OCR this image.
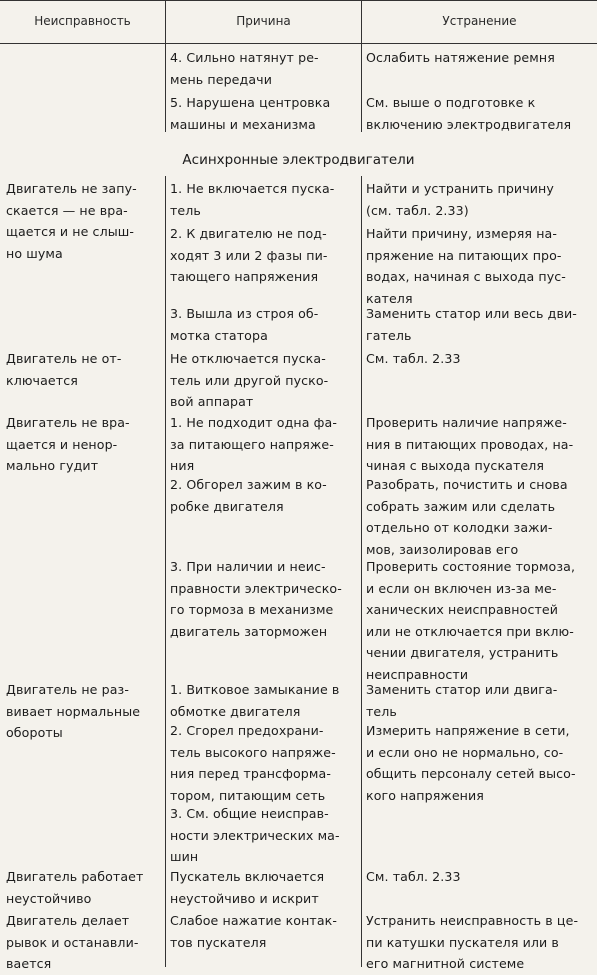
Неисправность	Причина	Устранение
4. Сильно натянут ре-
мень передачи
Ослабить натяжение ремня
5. Нарушена центровка
машины и механизма
См. выше о подготовке к
включению электродвигателя
Асинхронные электродвигатели
Двигатель не запу-
скается — не вра-
щается и не слыш-
но шума
Двигатель не от-
ключается
Двигатель не вра-
щается и ненор-
мально гудит
Двигатель не раз-
вивает нормальные
обороты
Двигатель работает
неустойчиво
Двигатель делает
рывок и останавли-
вается
1. Не включается пуска-
тель
2. К двигателю не под-
ходят 3 или 2 фазы пи-
тающего напряжения
3. Вышла из строя об-
мотка статора
Не отключается пуска-
тель или другой пуско-
вой аппарат
1. Не подходит одна фа-
за питающего напряже-
ния
2. Обгорел зажим в ко-
робке двигателя
3. При наличии и неис-
правности электрическо-
го тормоза в механизме
двигатель заторможен
1. Витковое замыкание в
обмотке двигателя
2. Сгорел предохрани-
тель высокого напряже-
ния перед трансформа-
тором, питающим сеть
3. См. общие неисправ-
ности электрических ма-
шин
Пускатель включается
неустойчиво и искрит
Слабое нажатие контак-
тов пускателя
Найти и устранить причину
(см. табл. 2.33)
Найти причину, измеряя на-
пряжение на питающих про-
водах, начиная с выхода пус-
кателя
Заменить статор или весь дви-
гатель
См. табл. 2.33
Проверить наличие напряже-
ния в питающих проводах, на-
чиная с выхода пускателя
Разобрать, почистить и снова
собрать зажим или сделать
отдельно от колодки зажи-
мов, заизолировав его
Проверить состояние тормоза,
и если он включен из-за ме-
ханических неисправностей
или не отключается при вклю-
чении двигателя, устранить
неисправности
Заменить статор или двига-
тель
Измерить напряжение в сети,
и если оно не нормально, со-
общить персоналу сетей высо-
кого напряжения
См. табл. 2.33
Устранить неисправность в це-
пи катушки пускателя или в
его магнитной системе
